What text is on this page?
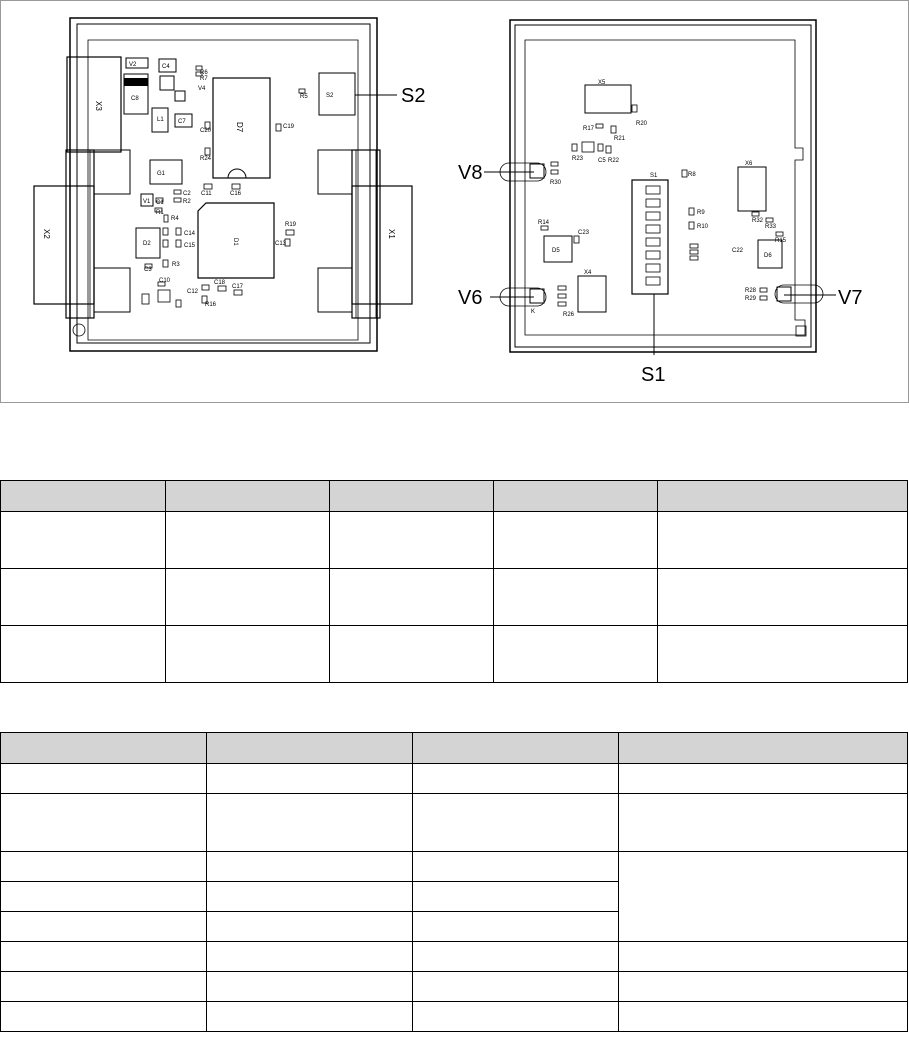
D7
D1
D2
G1
L1
C4
C7
C8
V2
V1
V4
S2
C11	C16
C19
C1
C2
R2
R1
R4
R19
C13
C14
C15
C3
R3
C10
C12
C18
C17
R16
R6
R7
R5
R24
C20
X3
X2	X1
S2
S1
R17
R20
R21
R22
R23 C5
R30
R14
C23
D5
D6
R9
R10
R8
C22
R28
R29
R33
R32
R15
R26
X5
X4
X6
K
V8
V6	V7
S1
